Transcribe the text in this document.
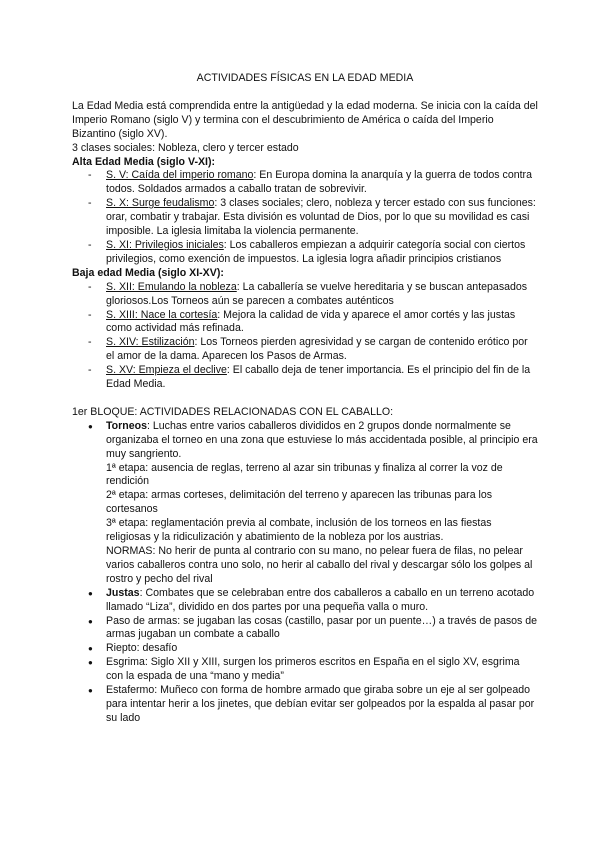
ACTIVIDADES FÍSICAS EN LA EDAD MEDIA

La Edad Media está comprendida entre la antigüedad y la edad moderna. Se inicia con la caída del Imperio Romano (siglo V) y termina con el descubrimiento de América o caída del Imperio Bizantino (siglo XV).

3 clases sociales: Nobleza, clero y tercer estado

Alta Edad Media (siglo V-XI):

- S. V: Caída del imperio romano: En Europa domina la anarquía y la guerra de todos contra todos. Soldados armados a caballo tratan de sobrevivir.
- S. X: Surge feudalismo: 3 clases sociales; clero, nobleza y tercer estado con sus funciones: orar, combatir y trabajar. Esta división es voluntad de Dios, por lo que su movilidad es casi imposible. La iglesia limitaba la violencia permanente.
- S. XI: Privilegios iniciales: Los caballeros empiezan a adquirir categoría social con ciertos privilegios, como exención de impuestos. La iglesia logra añadir principios cristianos

Baja edad Media (siglo XI-XV):

- S. XII: Emulando la nobleza: La caballería se vuelve hereditaria y se buscan antepasados gloriosos.Los Torneos aún se parecen a combates auténticos
- S. XIII: Nace la cortesía: Mejora la calidad de vida y aparece el amor cortés y las justas como actividad más refinada.
- S. XIV: Estilización: Los Torneos pierden agresividad y se cargan de contenido erótico por el amor de la dama. Aparecen los Pasos de Armas.
- S. XV: Empieza el declive: El caballo deja de tener importancia. Es el principio del fin de la Edad Media.

1er BLOQUE: ACTIVIDADES RELACIONADAS CON EL CABALLO:

● Torneos: Luchas entre varios caballeros divididos en 2 grupos donde normalmente se organizaba el torneo en una zona que estuviese lo más accidentada posible, al principio era muy sangriento.

1ª etapa: ausencia de reglas, terreno al azar sin tribunas y finaliza al correr la voz de rendición

2ª etapa: armas corteses, delimitación del terreno y aparecen las tribunas para los cortesanos

3ª etapa: reglamentación previa al combate, inclusión de los torneos en las fiestas religiosas y la ridiculización y abatimiento de la nobleza por los austrias.

NORMAS: No herir de punta al contrario con su mano, no pelear fuera de filas, no pelear varios caballeros contra uno solo, no herir al caballo del rival y descargar sólo los golpes al rostro y pecho del rival

● Justas: Combates que se celebraban entre dos caballeros a caballo en un terreno acotado llamado “Liza”, dividido en dos partes por una pequeña valla o muro.
● Paso de armas: se jugaban las cosas (castillo, pasar por un puente…) a través de pasos de armas jugaban un combate a caballo
● Riepto: desafío
● Esgrima: Siglo XII y XIII, surgen los primeros escritos en España en el siglo XV, esgrima con la espada de una “mano y media”
● Estafermo: Muñeco con forma de hombre armado que giraba sobre un eje al ser golpeado para intentar herir a los jinetes, que debían evitar ser golpeados por la espalda al pasar por su lado
